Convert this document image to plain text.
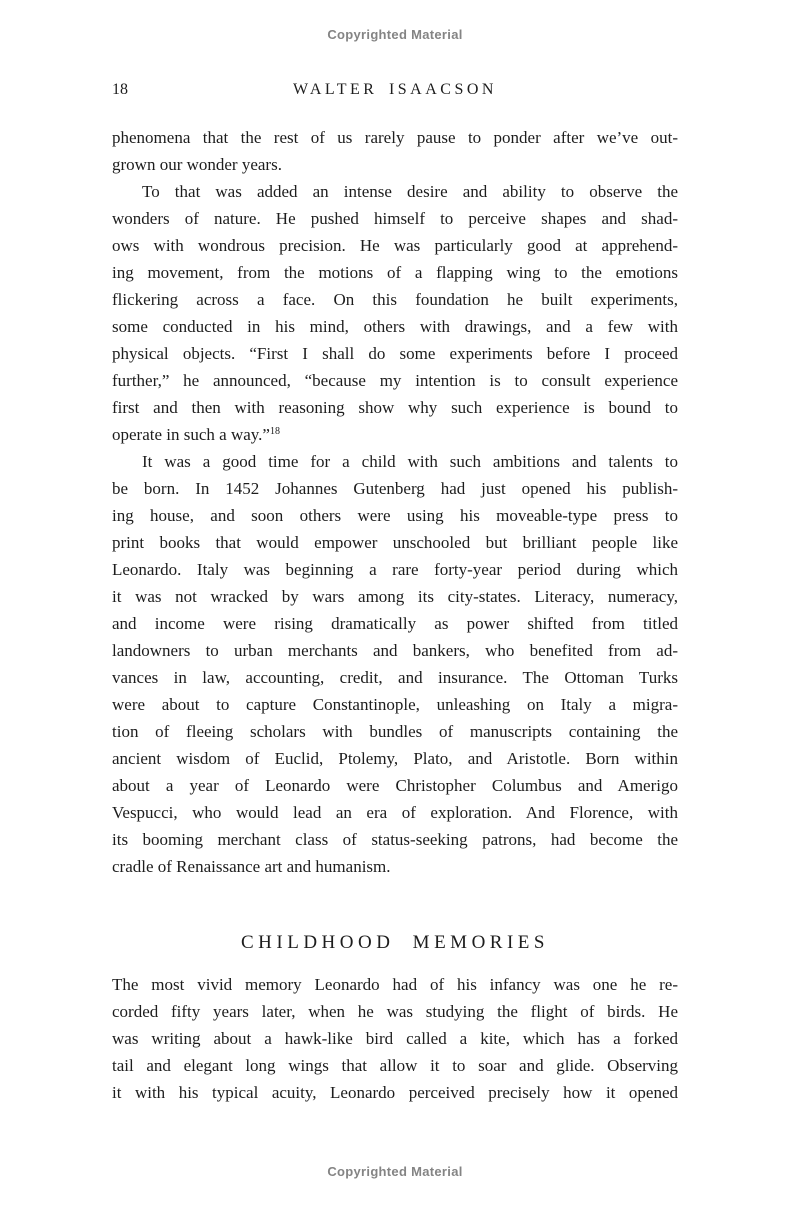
Copyrighted Material
18	WALTER ISAACSON
phenomena that the rest of us rarely pause to ponder after we’ve out-
grown our wonder years.
To that was added an intense desire and ability to observe the
wonders of nature. He pushed himself to perceive shapes and shad-
ows with wondrous precision. He was particularly good at apprehend-
ing movement, from the motions of a flapping wing to the emotions
flickering across a face. On this foundation he built experiments,
some conducted in his mind, others with drawings, and a few with
physical objects. “First I shall do some experiments before I proceed
further,” he announced, “because my intention is to consult experience
first and then with reasoning show why such experience is bound to
operate in such a way.”$^{18}$
It was a good time for a child with such ambitions and talents to
be born. In 1452 Johannes Gutenberg had just opened his publish-
ing house, and soon others were using his moveable-type press to
print books that would empower unschooled but brilliant people like
Leonardo. Italy was beginning a rare forty-year period during which
it was not wracked by wars among its city-states. Literacy, numeracy,
and income were rising dramatically as power shifted from titled
landowners to urban merchants and bankers, who benefited from ad-
vances in law, accounting, credit, and insurance. The Ottoman Turks
were about to capture Constantinople, unleashing on Italy a migra-
tion of fleeing scholars with bundles of manuscripts containing the
ancient wisdom of Euclid, Ptolemy, Plato, and Aristotle. Born within
about a year of Leonardo were Christopher Columbus and Amerigo
Vespucci, who would lead an era of exploration. And Florence, with
its booming merchant class of status-seeking patrons, had become the
cradle of Renaissance art and humanism.
CHILDHOOD MEMORIES
The most vivid memory Leonardo had of his infancy was one he re-
corded fifty years later, when he was studying the flight of birds. He
was writing about a hawk-like bird called a kite, which has a forked
tail and elegant long wings that allow it to soar and glide. Observing
it with his typical acuity, Leonardo perceived precisely how it opened
Copyrighted Material
